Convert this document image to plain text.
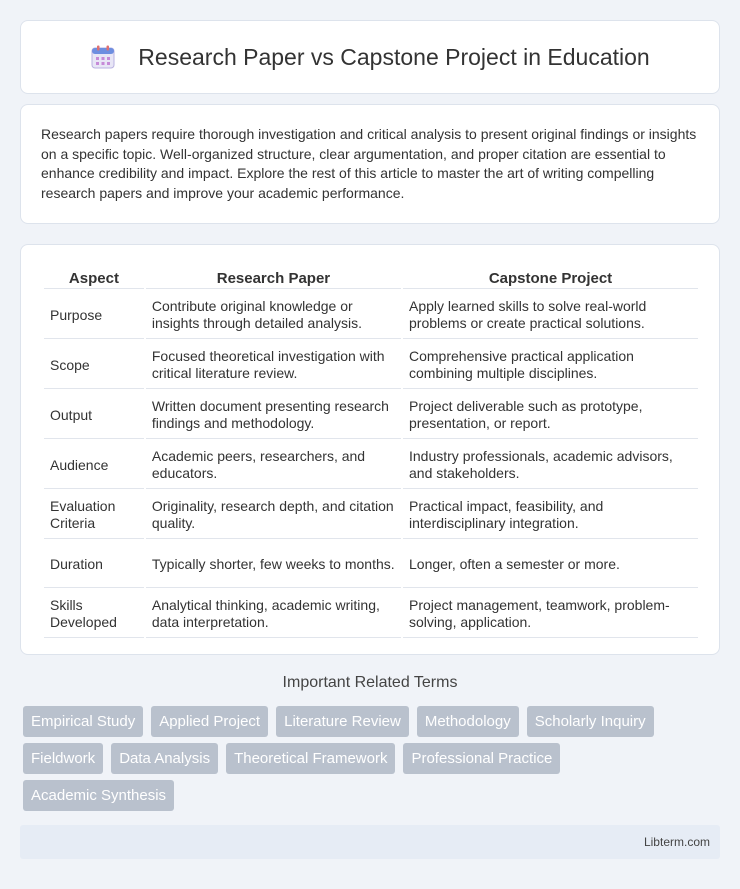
Research Paper vs Capstone Project in Education

Research papers require thorough investigation and critical analysis to present original findings or insights on a specific topic. Well-organized structure, clear argumentation, and proper citation are essential to enhance credibility and impact. Explore the rest of this article to master the art of writing compelling research papers and improve your academic performance.

Aspect	Research Paper	Capstone Project
Purpose	Contribute original knowledge or insights through detailed analysis.	Apply learned skills to solve real-world problems or create practical solutions.
Scope	Focused theoretical investigation with critical literature review.	Comprehensive practical application combining multiple disciplines.
Output	Written document presenting research findings and methodology.	Project deliverable such as prototype, presentation, or report.
Audience	Academic peers, researchers, and educators.	Industry professionals, academic advisors, and stakeholders.
Evaluation Criteria	Originality, research depth, and citation quality.	Practical impact, feasibility, and interdisciplinary integration.
Duration	Typically shorter, few weeks to months.	Longer, often a semester or more.
Skills Developed	Analytical thinking, academic writing, data interpretation.	Project management, teamwork, problem-solving, application.
Important Related Terms
Empirical Study	Applied Project	Literature Review	Methodology	Scholarly Inquiry
Fieldwork	Data Analysis	Theoretical Framework	Professional Practice
Academic Synthesis
Libterm.com
